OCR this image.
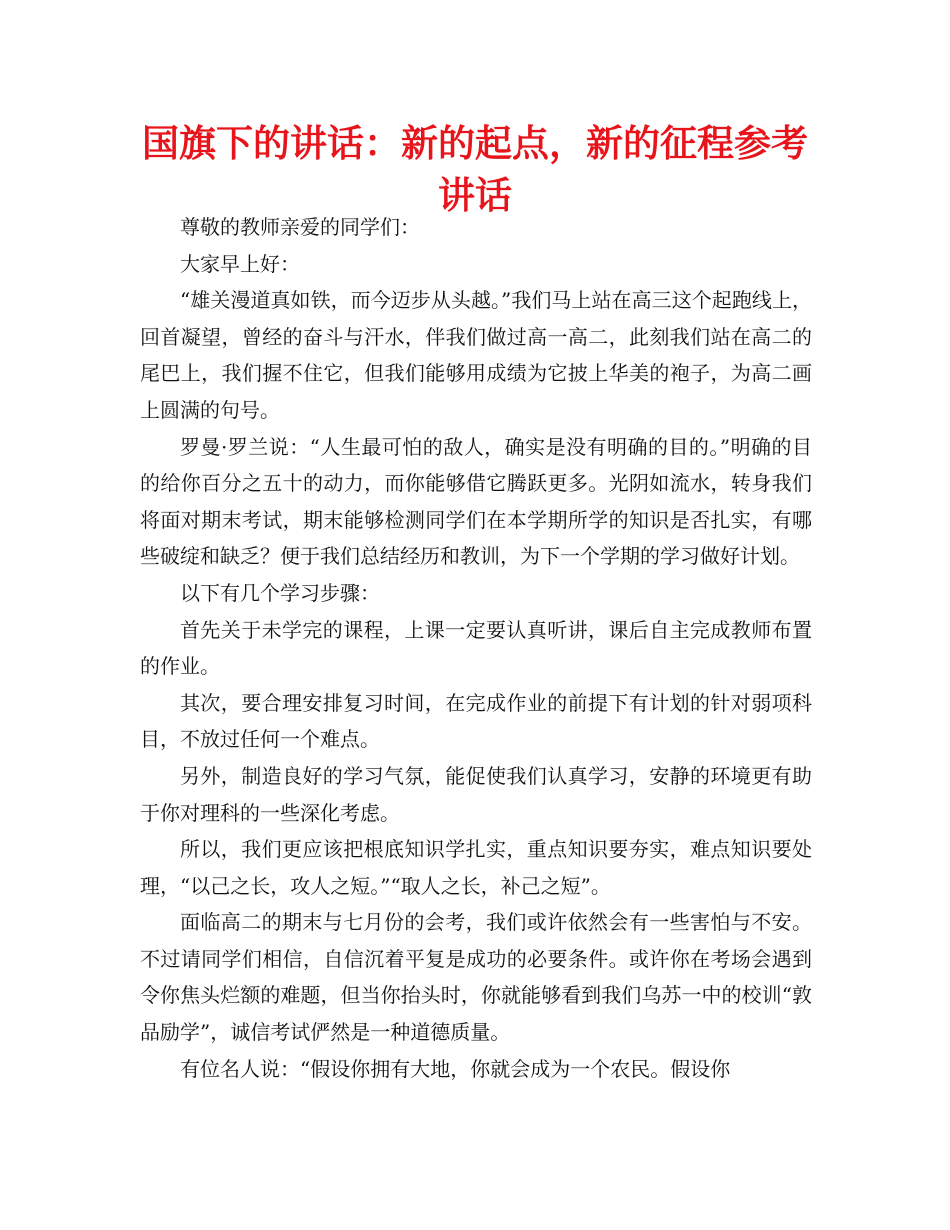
国旗下的讲话：新的起点，新的征程参考讲话

尊敬的教师亲爱的同学们：

大家早上好：

“雄关漫道真如铁，而今迈步从头越。”我们马上站在高三这个起跑线上，回首凝望，曾经的奋斗与汗水，伴我们做过高一高二，此刻我们站在高二的尾巴上，我们握不住它，但我们能够用成绩为它披上华美的袍子，为高二画上圆满的句号。

罗曼·罗兰说：“人生最可怕的敌人，确实是没有明确的目的。”明确的目的给你百分之五十的动力，而你能够借它腾跃更多。光阴如流水，转身我们将面对期末考试，期末能够检测同学们在本学期所学的知识是否扎实，有哪些破绽和缺乏？便于我们总结经历和教训，为下一个学期的学习做好计划。

以下有几个学习步骤：

首先关于未学完的课程，上课一定要认真听讲，课后自主完成教师布置的作业。

其次，要合理安排复习时间，在完成作业的前提下有计划的针对弱项科目，不放过任何一个难点。

另外，制造良好的学习气氛，能促使我们认真学习，安静的环境更有助于你对理科的一些深化考虑。

所以，我们更应该把根底知识学扎实，重点知识要夯实，难点知识要处理，“以己之长，攻人之短。”“取人之长，补己之短”。

面临高二的期末与七月份的会考，我们或许依然会有一些害怕与不安。不过请同学们相信，自信沉着平复是成功的必要条件。或许你在考场会遇到令你焦头烂额的难题，但当你抬头时，你就能够看到我们乌苏一中的校训“敦品励学”，诚信考试俨然是一种道德质量。

有位名人说：“假设你拥有大地，你就会成为一个农民。假设你
